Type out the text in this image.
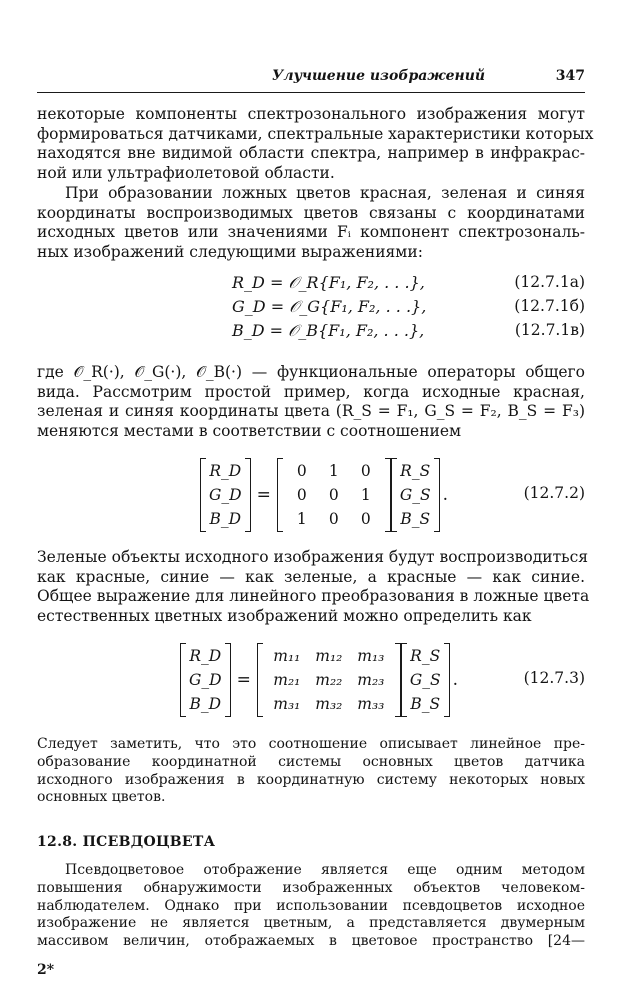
Улучшение изображений	347

некоторые компоненты спектрозонального изображения могут
формироваться датчиками, спектральные характеристики которых
находятся вне видимой области спектра, например в инфракрас-
ной или ультрафиолетовой области.

При образовании ложных цветов красная, зеленая и синяя
координаты воспроизводимых цветов связаны с координатами
исходных цветов или значениями Fᵢ компонент спектрозональ-
ных изображений следующими выражениями:

R_D = 𝒪_R{F₁, F₂, . . .},	(12.7.1а)
G_D = 𝒪_G{F₁, F₂, . . .},	(12.7.1б)
B_D = 𝒪_B{F₁, F₂, . . .},	(12.7.1в)

где 𝒪_R(·), 𝒪_G(·), 𝒪_B(·) — функциональные операторы общего
вида. Рассмотрим простой пример, когда исходные красная,
зеленая и синяя координаты цвета (R_S = F₁, G_S = F₂, B_S = F₃)
меняются местами в соответствии с соотношением

R_D
G_D
B_D
=
0	1	0
0	0	1
1	0	0
R_S
G_S
B_S
.	(12.7.2)

Зеленые объекты исходного изображения будут воспроизводиться
как красные, синие — как зеленые, а красные — как синие.
Общее выражение для линейного преобразования в ложные цвета
естественных цветных изображений можно определить как

R_D
G_D
B_D
=
m₁₁ m₁₂ m₁₃
m₂₁ m₂₂ m₂₃
m₃₁ m₃₂ m₃₃
R_S
G_S
B_S
.	(12.7.3)

Следует заметить, что это соотношение описывает линейное пре-
образование координатной системы основных цветов датчика
исходного изображения в координатную систему некоторых новых
основных цветов.

12.8. ПСЕВДОЦВЕТА

Псевдоцветовое отображение является еще одним методом
повышения обнаружимости изображенных объектов человеком-
наблюдателем. Однако при использовании псевдоцветов исходное
изображение не является цветным, а представляется двумерным
массивом величин, отображаемых в цветовое пространство [24—

2*
